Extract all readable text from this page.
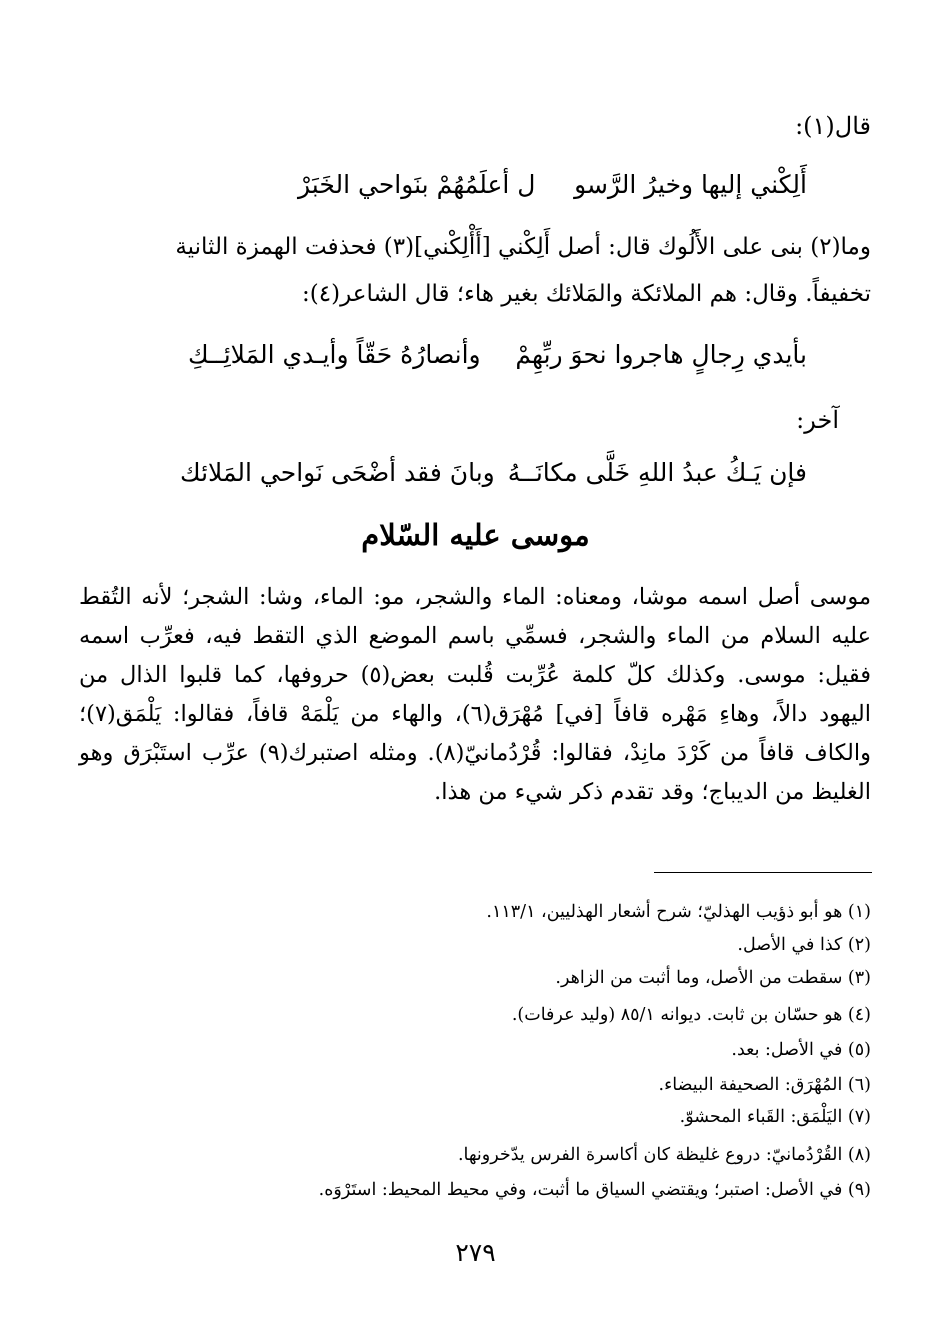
قال(١):
أَلِكْني إليها وخيرُ الرَّسو
ل أعلَمُهُمْ بنَواحي الخَبَرْ
وما(٢) بنى على الأَلُوك قال: أصل أَلِكْني [أَأْلِكْني](٣) فحذفت الهمزة الثانية
تخفيفاً. وقال: هم الملائكة والمَلائك بغير هاء؛ قال الشاعر(٤):
بأيدي رِجالٍ هاجروا نحوَ ربِّهِمْ
وأنصارُهُ حَقّاً وأيـدي المَلائِــكِ
آخر:
فإن يَـكُ عبدُ اللهِ خَلَّى مكانَــهُ
وبانَ فقد أضْحَى نَواحي المَلائك
موسى عليه السّلام

موسى أصل اسمه موشا، ومعناه: الماء والشجر، مو: الماء، وشا: الشجر؛ لأنه التُقط عليه السلام من الماء والشجر، فسمِّي باسم الموضع الذي التقط فيه، فعرِّب اسمه فقيل: موسى. وكذلك كلّ كلمة عُرِّبت قُلبت بعض(٥) حروفها، كما قلبوا الذال من اليهود دالاً، وهاءِ مَهْره قافاً [في] مُهْرَق(٦)، والهاء من يَلْمَهْ قافاً، فقالوا: يَلْمَق(٧)؛ والكاف قافاً من كَرْدَ مانِدْ، فقالوا: قُرْدُمانيّ(٨). ومثله اصتبرك(٩) عرِّب استَبْرَق وهو الغليظ من الديباج؛ وقد تقدم ذكر شيء من هذا.

(١) هو أبو ذؤيب الهذليّ؛ شرح أشعار الهذليين، ١١٣/١.
(٢) كذا في الأصل.
(٣) سقطت من الأصل، وما أثبت من الزاهر.
(٤) هو حسّان بن ثابت. ديوانه ٨٥/١ (وليد عرفات).
(٥) في الأصل: بعد.
(٦) المُهْرَق: الصحيفة البيضاء.
(٧) اليَلْمَق: القَباء المحشوّ.
(٨) القُرْدُمانيّ: دروع غليظة كان أكاسرة الفرس يدّخرونها.
(٩) في الأصل: اصتبر؛ ويقتضي السياق ما أثبت، وفي محيط المحيط: استَرْوَه.
٢٧٩
